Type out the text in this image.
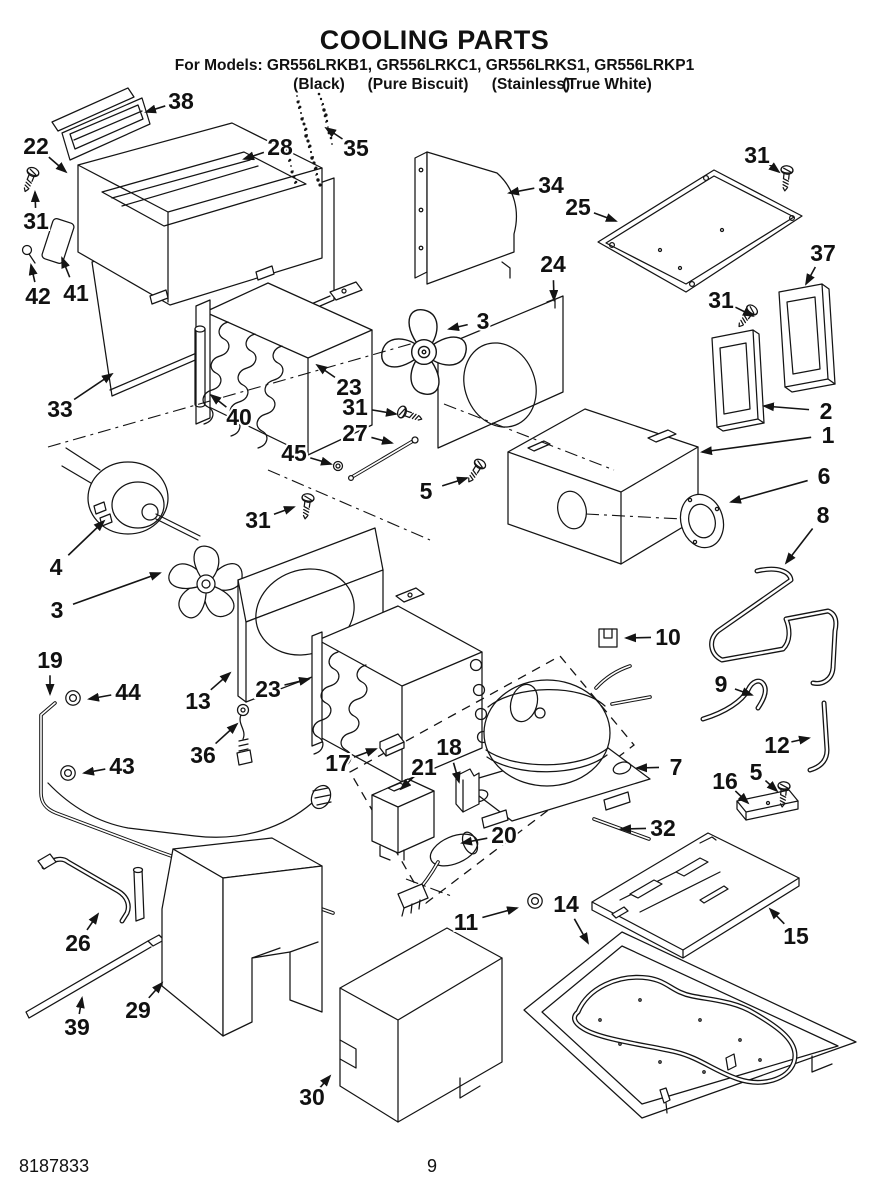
COOLING PARTS
For Models: GR556LRKB1, GR556LRKC1, GR556LRKS1, GR556LRKP1
(Black) (Pure Biscuit) (Stainless)
(True White)
38
22	28
31
42 41
35
34
25
31
37
31
2
1
24
3
23
40	31
27
45
5
33
4
3
31
6
8
10
9
12
13 23
19
44
43 36	17
18
21
20
7
16 5
32
26
39
29
30
11
14
15
8187833	9
